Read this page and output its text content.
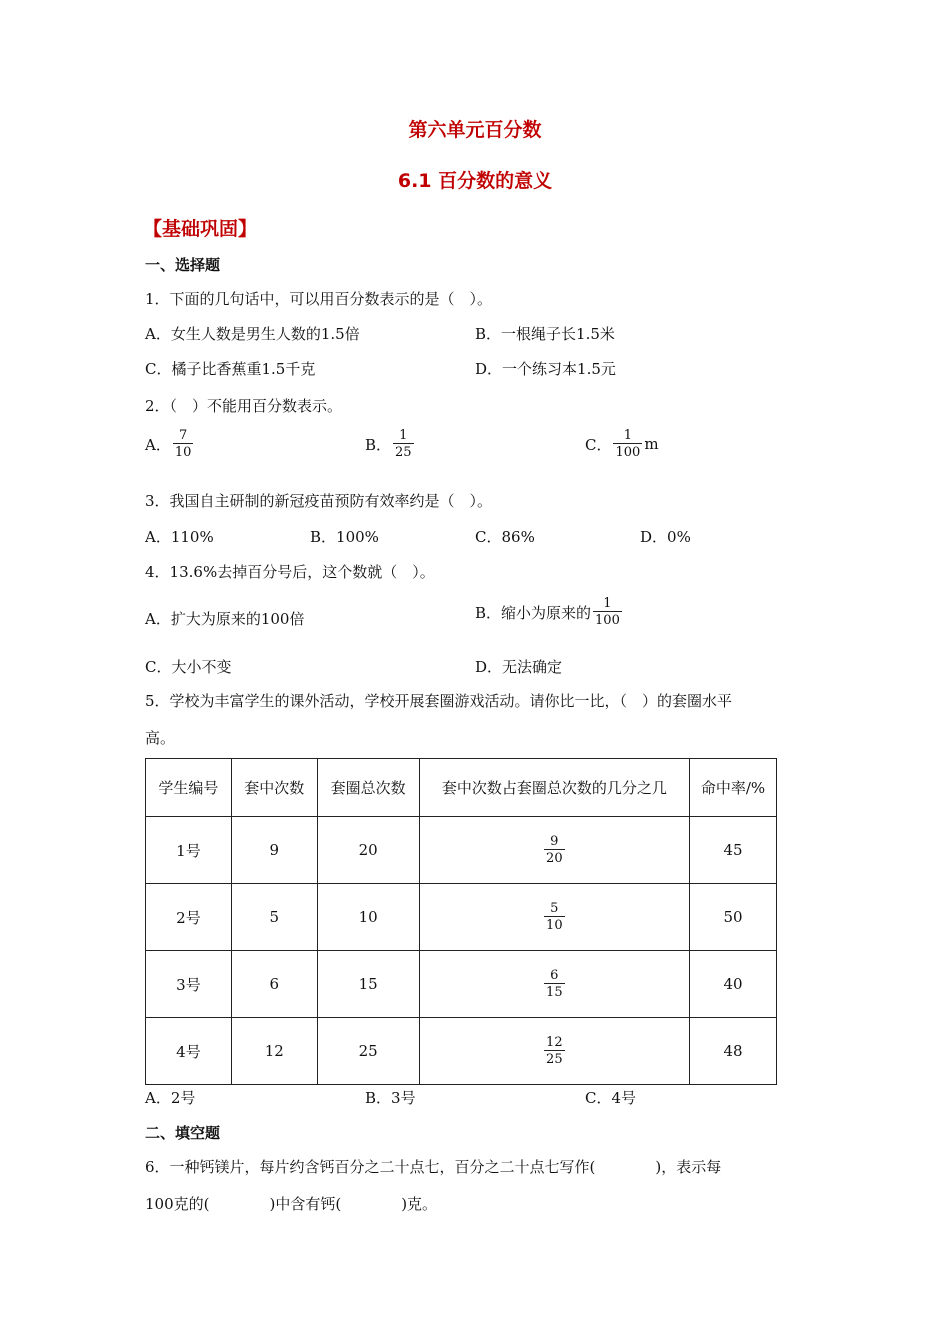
第六单元百分数
6.1 百分数的意义
【基础巩固】
一、选择题
1．下面的几句话中，可以用百分数表示的是（　）。
A．女生人数是男生人数的1.5倍	B．一根绳子长1.5米
C．橘子比香蕉重1.5千克	D．一个练习本1.5元
2．（　）不能用百分数表示。
A． $\frac{7}{10}$	B． $\frac{1}{25}$	C． $\frac{1}{100}$ m
3．我国自主研制的新冠疫苗预防有效率约是（　）。
A．110%	B．100%	C．86%	D．0%
4．13.6%去掉百分号后，这个数就（　）。
A．扩大为原来的100倍	B．缩小为原来的 $\frac{1}{100}$
C．大小不变	D．无法确定
5．学校为丰富学生的课外活动，学校开展套圈游戏活动。请你比一比，（　）的套圈水平
高。
学生编号	套中次数	套圈总次数	套中次数占套圈总次数的几分之几	命中率/%
1号	9	20	$\frac{9}{20}$	45
2号	5	10	$\frac{5}{10}$	50
3号	6	15	$\frac{6}{15}$	40
4号	12	25	$\frac{12}{25}$	48
A．2号	B．3号	C．4号
二、填空题
6．一种钙镁片，每片约含钙百分之二十点七，百分之二十点七写作(　　　　)，表示每
100克的(　　　　)中含有钙(　　　　)克。
